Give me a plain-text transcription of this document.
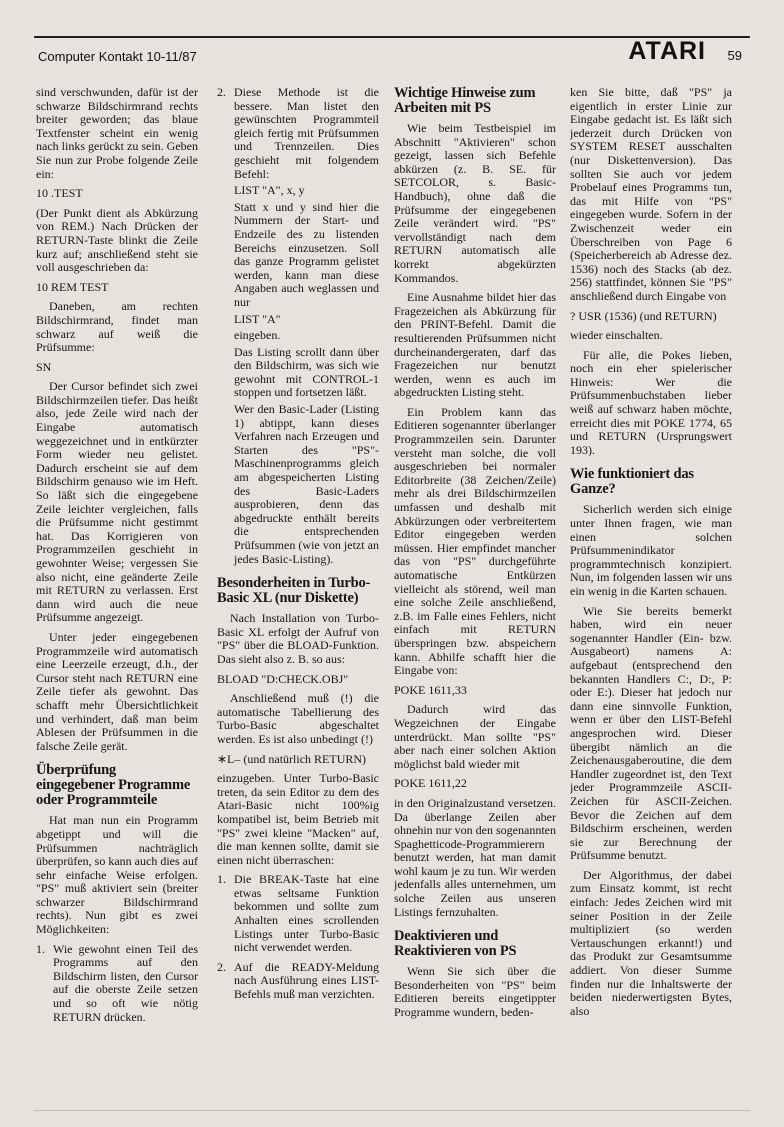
Computer Kontakt 10-11/87	ATARI 59

sind verschwunden, dafür ist der schwarze Bildschirmrand rechts breiter geworden; das blaue Textfenster scheint ein wenig nach links gerückt zu sein. Geben Sie nun zur Probe folgende Zeile ein:

10 .TEST

(Der Punkt dient als Abkürzung von REM.) Nach Drücken der RETURN-Taste blinkt die Zeile kurz auf; anschließend steht sie voll ausgeschrieben da:

10 REM TEST

Daneben, am rechten Bildschirmrand, findet man schwarz auf weiß die Prüfsumme:

SN

Der Cursor befindet sich zwei Bildschirmzeilen tiefer. Das heißt also, jede Zeile wird nach der Eingabe automatisch weggezeichnet und in entkürzter Form wieder neu gelistet. Dadurch erscheint sie auf dem Bildschirm genauso wie im Heft. So läßt sich die eingegebene Zeile leichter vergleichen, falls die Prüfsumme nicht gestimmt hat. Das Korrigieren von Programmzeilen geschieht in gewohnter Weise; vergessen Sie also nicht, eine geänderte Zeile mit RETURN zu verlassen. Erst dann wird auch die neue Prüfsumme angezeigt.

Unter jeder eingegebenen Programmzeile wird automatisch eine Leerzeile erzeugt, d.h., der Cursor steht nach RETURN eine Zeile tiefer als gewohnt. Das schafft mehr Übersichtlichkeit und verhindert, daß man beim Ablesen der Prüfsummen in die falsche Zeile gerät.

Überprüfung eingegebener Programme oder Programmteile

Hat man nun ein Programm abgetippt und will die Prüfsummen nachträglich überprüfen, so kann auch dies auf sehr einfache Weise erfolgen. "PS" muß aktiviert sein (breiter schwarzer Bildschirmrand rechts). Nun gibt es zwei Möglichkeiten:

1. Wie gewohnt einen Teil des Programms auf den Bildschirm listen, den Cursor auf die oberste Zeile setzen und so oft wie nötig RETURN drücken.
2. Diese Methode ist die bessere. Man listet den gewünschten Programmteil gleich fertig mit Prüfsummen und Trennzeilen. Dies geschieht mit folgendem Befehl:
LIST "A", x, y

Statt x und y sind hier die Nummern der Start- und Endzeile des zu listenden Bereichs einzusetzen. Soll das ganze Programm gelistet werden, kann man diese Angaben auch weglassen und nur

LIST "A"

eingeben.

Das Listing scrollt dann über den Bildschirm, was sich wie gewohnt mit CONTROL-1 stoppen und fortsetzen läßt.

Wer den Basic-Lader (Listing 1) abtippt, kann dieses Verfahren nach Erzeugen und Starten des "PS"-Maschinenprogramms gleich am abgespeicherten Listing des Basic-Laders ausprobieren, denn das abgedruckte enthält bereits die entsprechenden Prüfsummen (wie von jetzt an jedes Basic-Listing).

Besonderheiten in Turbo-Basic XL (nur Diskette)

Nach Installation von Turbo-Basic XL erfolgt der Aufruf von "PS" über die BLOAD-Funktion. Das sieht also z. B. so aus:

BLOAD "D:CHECK.OBJ"

Anschließend muß (!) die automatische Tabellierung des Turbo-Basic abgeschaltet werden. Es ist also unbedingt (!)

∗L– (und natürlich RETURN)

einzugeben. Unter Turbo-Basic treten, da sein Editor zu dem des Atari-Basic nicht 100%ig kompatibel ist, beim Betrieb mit "PS" zwei kleine "Macken" auf, die man kennen sollte, damit sie einen nicht überraschen:

1. Die BREAK-Taste hat eine etwas seltsame Funktion bekommen und sollte zum Anhalten eines scrollenden Listings unter Turbo-Basic nicht verwendet werden.
2. Auf die READY-Meldung nach Ausführung eines LIST-Befehls muß man verzichten.
Wichtige Hinweise zum Arbeiten mit PS

Wie beim Testbeispiel im Abschnitt "Aktivieren" schon gezeigt, lassen sich Befehle abkürzen (z. B. SE. für SETCOLOR, s. Basic-Handbuch), ohne daß die Prüfsumme der eingegebenen Zeile verändert wird. "PS" vervollständigt nach dem RETURN automatisch alle korrekt abgekürzten Kommandos.

Eine Ausnahme bildet hier das Fragezeichen als Abkürzung für den PRINT-Befehl. Damit die resultierenden Prüfsummen nicht durcheinandergeraten, darf das Fragezeichen nur benutzt werden, wenn es auch im abgedruckten Listing steht.

Ein Problem kann das Editieren sogenannter überlanger Programmzeilen sein. Darunter versteht man solche, die voll ausgeschrieben bei normaler Editorbreite (38 Zeichen/Zeile) mehr als drei Bildschirmzeilen umfassen und deshalb mit Abkürzungen oder verbreitertem Editor eingegeben werden müssen. Hier empfindet mancher das von "PS" durchgeführte automatische Entkürzen vielleicht als störend, weil man eine solche Zeile anschließend, z.B. im Falle eines Fehlers, nicht einfach mit RETURN überspringen bzw. abspeichern kann. Abhilfe schafft hier die Eingabe von:

POKE 1611,33

Dadurch wird das Wegzeichnen der Eingabe unterdrückt. Man sollte "PS" aber nach einer solchen Aktion möglichst bald wieder mit

POKE 1611,22

in den Originalzustand versetzen. Da überlange Zeilen aber ohnehin nur von den sogenannten Spaghetticode-Programmierern benutzt werden, hat man damit wohl kaum je zu tun. Wir werden jedenfalls alles unternehmen, um solche Zeilen aus unseren Listings fernzuhalten.

Deaktivieren und Reaktivieren von PS

Wenn Sie sich über die Besonderheiten von "PS" beim Editieren bereits eingetippter Programme wundern, beden-

ken Sie bitte, daß "PS" ja eigentlich in erster Linie zur Eingabe gedacht ist. Es läßt sich jederzeit durch Drücken von SYSTEM RESET ausschalten (nur Diskettenversion). Das sollten Sie auch vor jedem Probelauf eines Programms tun, das mit Hilfe von "PS" eingegeben wurde. Sofern in der Zwischenzeit weder ein Überschreiben von Page 6 (Speicherbereich ab Adresse dez. 1536) noch des Stacks (ab dez. 256) stattfindet, können Sie "PS" anschließend durch Eingabe von

? USR (1536) (und RETURN)

wieder einschalten.

Für alle, die Pokes lieben, noch ein eher spielerischer Hinweis: Wer die Prüfsummenbuchstaben lieber weiß auf schwarz haben möchte, erreicht dies mit POKE 1774, 65 und RETURN (Ursprungswert 193).

Wie funktioniert das Ganze?

Sicherlich werden sich einige unter Ihnen fragen, wie man einen solchen Prüfsummenindikator programmtechnisch konzipiert. Nun, im folgenden lassen wir uns ein wenig in die Karten schauen.

Wie Sie bereits bemerkt haben, wird ein neuer sogenannter Handler (Ein- bzw. Ausgabeort) namens A: aufgebaut (entsprechend den bekannten Handlers C:, D:, P: oder E:). Dieser hat jedoch nur dann eine sinnvolle Funktion, wenn er über den LIST-Befehl angesprochen wird. Dieser übergibt nämlich an die Zeichenausgaberoutine, die dem Handler zugeordnet ist, den Text jeder Programmzeile ASCII-Zeichen für ASCII-Zeichen. Bevor die Zeichen auf dem Bildschirm erscheinen, werden sie zur Berechnung der Prüfsumme benutzt.

Der Algorithmus, der dabei zum Einsatz kommt, ist recht einfach: Jedes Zeichen wird mit seiner Position in der Zeile multipliziert (so werden Vertauschungen erkannt!) und das Produkt zur Gesamtsumme addiert. Von dieser Summe finden nur die Inhaltswerte der beiden niederwertigsten Bytes, also
